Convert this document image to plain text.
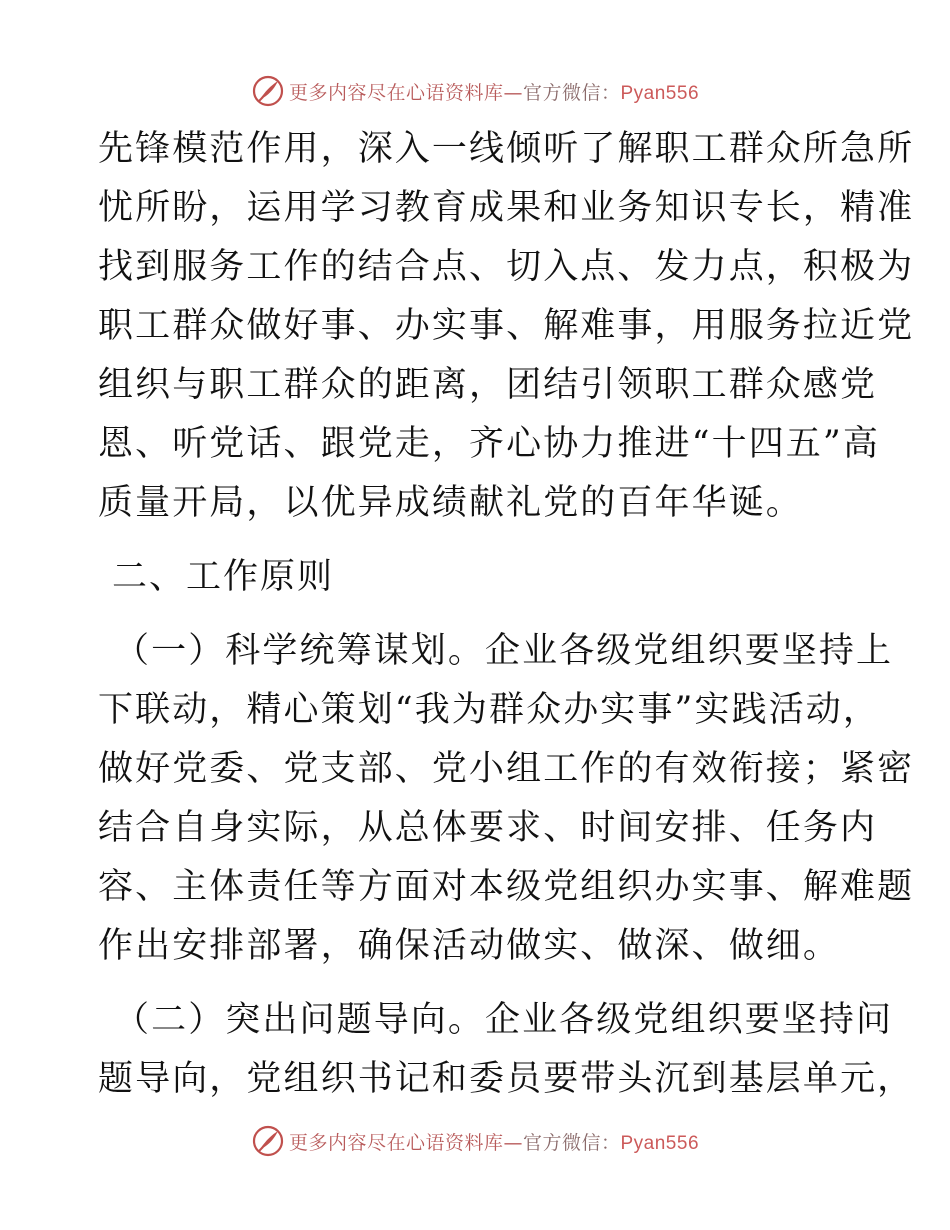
更多内容尽在心语资料库—官方微信：Pyan556
先锋模范作用，深入一线倾听了解职工群众所急所
忧所盼，运用学习教育成果和业务知识专长，精准
找到服务工作的结合点、切入点、发力点，积极为
职工群众做好事、办实事、解难事，用服务拉近党
组织与职工群众的距离，团结引领职工群众感党
恩、听党话、跟党走，齐心协力推进“十四五”高
质量开局，以优异成绩献礼党的百年华诞。
二、工作原则
（一）科学统筹谋划。企业各级党组织要坚持上
下联动，精心策划“我为群众办实事”实践活动，
做好党委、党支部、党小组工作的有效衔接；紧密
结合自身实际，从总体要求、时间安排、任务内
容、主体责任等方面对本级党组织办实事、解难题
作出安排部署，确保活动做实、做深、做细。
（二）突出问题导向。企业各级党组织要坚持问
题导向，党组织书记和委员要带头沉到基层单元，
更多内容尽在心语资料库—官方微信：Pyan556
